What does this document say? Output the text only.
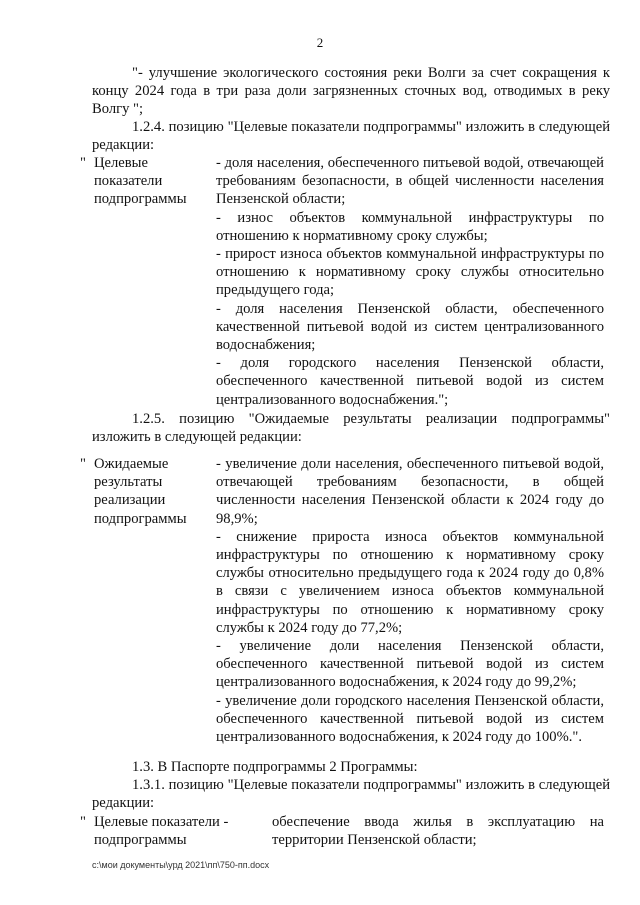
2
"- улучшение экологического состояния реки Волги за счет сокращения к концу 2024 года в три раза доли загрязненных сточных вод, отводимых в реку Волгу ";
1.2.4. позицию "Целевые показатели подпрограммы" изложить в следующей редакции:
" Целевые
показатели
подпрограммы
- доля населения, обеспеченного питьевой водой, отвечающей требованиям безопасности, в общей численности населения Пензенской области;
- износ объектов коммунальной инфраструктуры по отношению к нормативному сроку службы;
- прирост износа объектов коммунальной инфраструктуры по отношению к нормативному сроку службы относительно предыдущего года;
- доля населения Пензенской области, обеспеченного качественной питьевой водой из систем централизованного водоснабжения;
- доля городского населения Пензенской области, обеспеченного качественной питьевой водой из систем централизованного водоснабжения.";
1.2.5. позицию "Ожидаемые результаты реализации подпрограммы" изложить в следующей редакции:
" Ожидаемые
результаты
реализации
подпрограммы
- увеличение доли населения, обеспеченного питьевой водой, отвечающей требованиям безопасности, в общей численности населения Пензенской области к 2024 году до 98,9%;
- снижение прироста износа объектов коммунальной инфраструктуры по отношению к нормативному сроку службы относительно предыдущего года к 2024 году до 0,8% в связи с увеличением износа объектов коммунальной инфраструктуры по отношению к нормативному сроку службы к 2024 году до 77,2%;
- увеличение доли населения Пензенской области, обеспеченного качественной питьевой водой из систем централизованного водоснабжения, к 2024 году до 99,2%;
- увеличение доли городского населения Пензенской области, обеспеченного качественной питьевой водой из систем централизованного водоснабжения, к 2024 году до 100%.".
1.3. В Паспорте подпрограммы 2 Программы:
1.3.1. позицию "Целевые показатели подпрограммы" изложить в следующей редакции:
" Целевые показатели -
подпрограммы
обеспечение ввода жилья в эксплуатацию на территории Пензенской области;
c:\мои документы\урд 2021\пп\750-пп.docx
